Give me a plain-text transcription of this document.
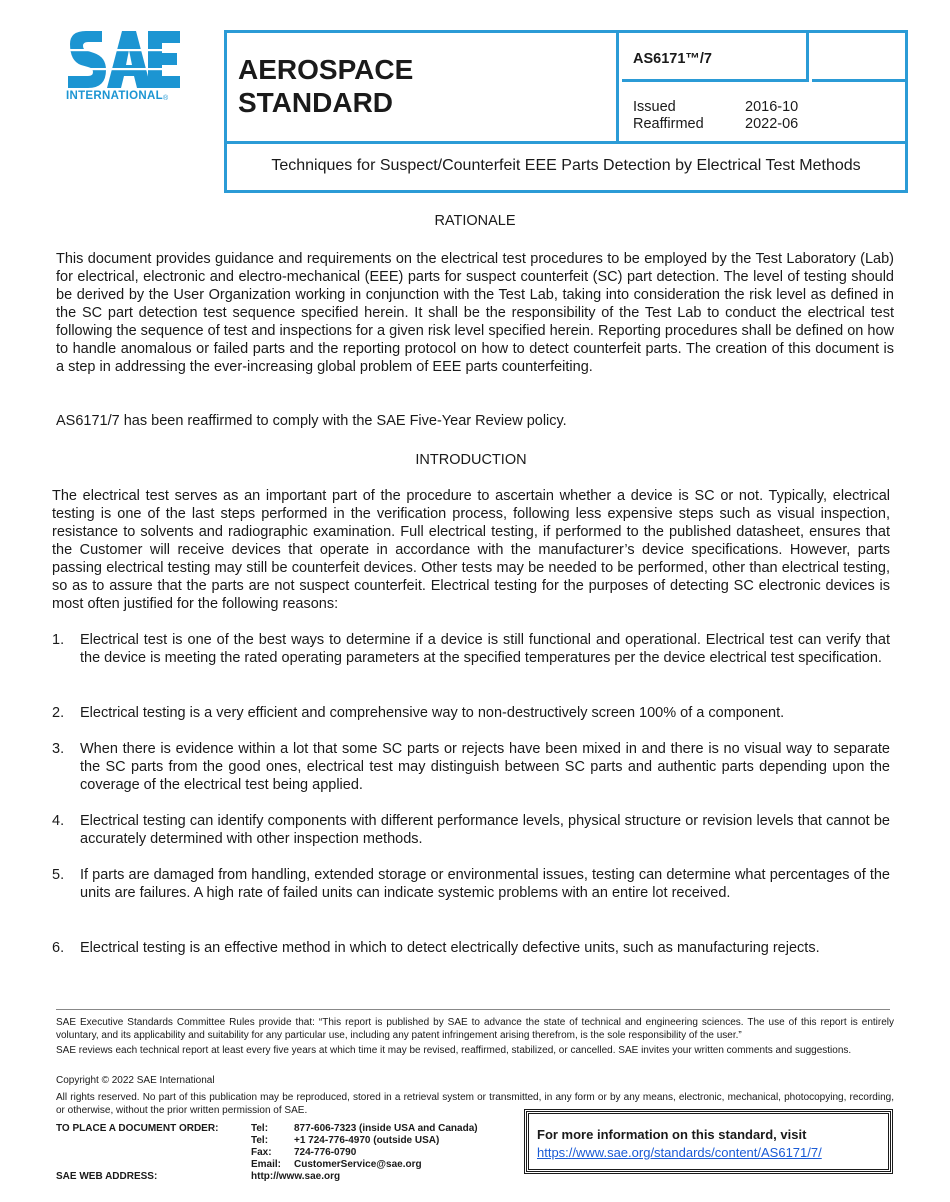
INTERNATIONAL®
AEROSPACE
STANDARD
AS6171™/7
Issued	2016-10
Reaffirmed	2022-06
Techniques for Suspect/Counterfeit EEE Parts Detection by Electrical Test Methods
RATIONALE
This document provides guidance and requirements on the electrical test procedures to be employed by the Test Laboratory (Lab) for electrical, electronic and electro-mechanical (EEE) parts for suspect counterfeit (SC) part detection. The level of testing should be derived by the User Organization working in conjunction with the Test Lab, taking into consideration the risk level as defined in the SC part detection test sequence specified herein. It shall be the responsibility of the Test Lab to conduct the electrical test following the sequence of test and inspections for a given risk level specified herein. Reporting procedures shall be defined on how to handle anomalous or failed parts and the reporting protocol on how to detect counterfeit parts. The creation of this document is a step in addressing the ever-increasing global problem of EEE parts counterfeiting.
AS6171/7 has been reaffirmed to comply with the SAE Five-Year Review policy.
INTRODUCTION
The electrical test serves as an important part of the procedure to ascertain whether a device is SC or not. Typically, electrical testing is one of the last steps performed in the verification process, following less expensive steps such as visual inspection, resistance to solvents and radiographic examination. Full electrical testing, if performed to the published datasheet, ensures that the Customer will receive devices that operate in accordance with the manufacturer’s device specifications. However, parts passing electrical testing may still be counterfeit devices. Other tests may be needed to be performed, other than electrical testing, so as to assure that the parts are not suspect counterfeit. Electrical testing for the purposes of detecting SC electronic devices is most often justified for the following reasons:
1. Electrical test is one of the best ways to determine if a device is still functional and operational. Electrical test can verify that the device is meeting the rated operating parameters at the specified temperatures per the device electrical test specification.
2. Electrical testing is a very efficient and comprehensive way to non-destructively screen 100% of a component.
3. When there is evidence within a lot that some SC parts or rejects have been mixed in and there is no visual way to separate the SC parts from the good ones, electrical test may distinguish between SC parts and authentic parts depending upon the coverage of the electrical test being applied.
4. Electrical testing can identify components with different performance levels, physical structure or revision levels that cannot be accurately determined with other inspection methods.
5. If parts are damaged from handling, extended storage or environmental issues, testing can determine what percentages of the units are failures. A high rate of failed units can indicate systemic problems with an entire lot received.
6. Electrical testing is an effective method in which to detect electrically defective units, such as manufacturing rejects.
SAE Executive Standards Committee Rules provide that: “This report is published by SAE to advance the state of technical and engineering sciences. The use of this report is entirely voluntary, and its applicability and suitability for any particular use, including any patent infringement arising therefrom, is the sole responsibility of the user.”
SAE reviews each technical report at least every five years at which time it may be revised, reaffirmed, stabilized, or cancelled. SAE invites your written comments and suggestions.
Copyright © 2022 SAE International
All rights reserved. No part of this publication may be reproduced, stored in a retrieval system or transmitted, in any form or by any means, electronic, mechanical, photocopying, recording, or otherwise, without the prior written permission of SAE.
TO PLACE A DOCUMENT ORDER:	Tel:	877-606-7323 (inside USA and Canada)
Tel:	+1 724-776-4970 (outside USA)
Fax: 724-776-0790
Email: CustomerService@sae.org
For more information on this standard, visit
https://www.sae.org/standards/content/AS6171/7/
SAE WEB ADDRESS:	http://www.sae.org
